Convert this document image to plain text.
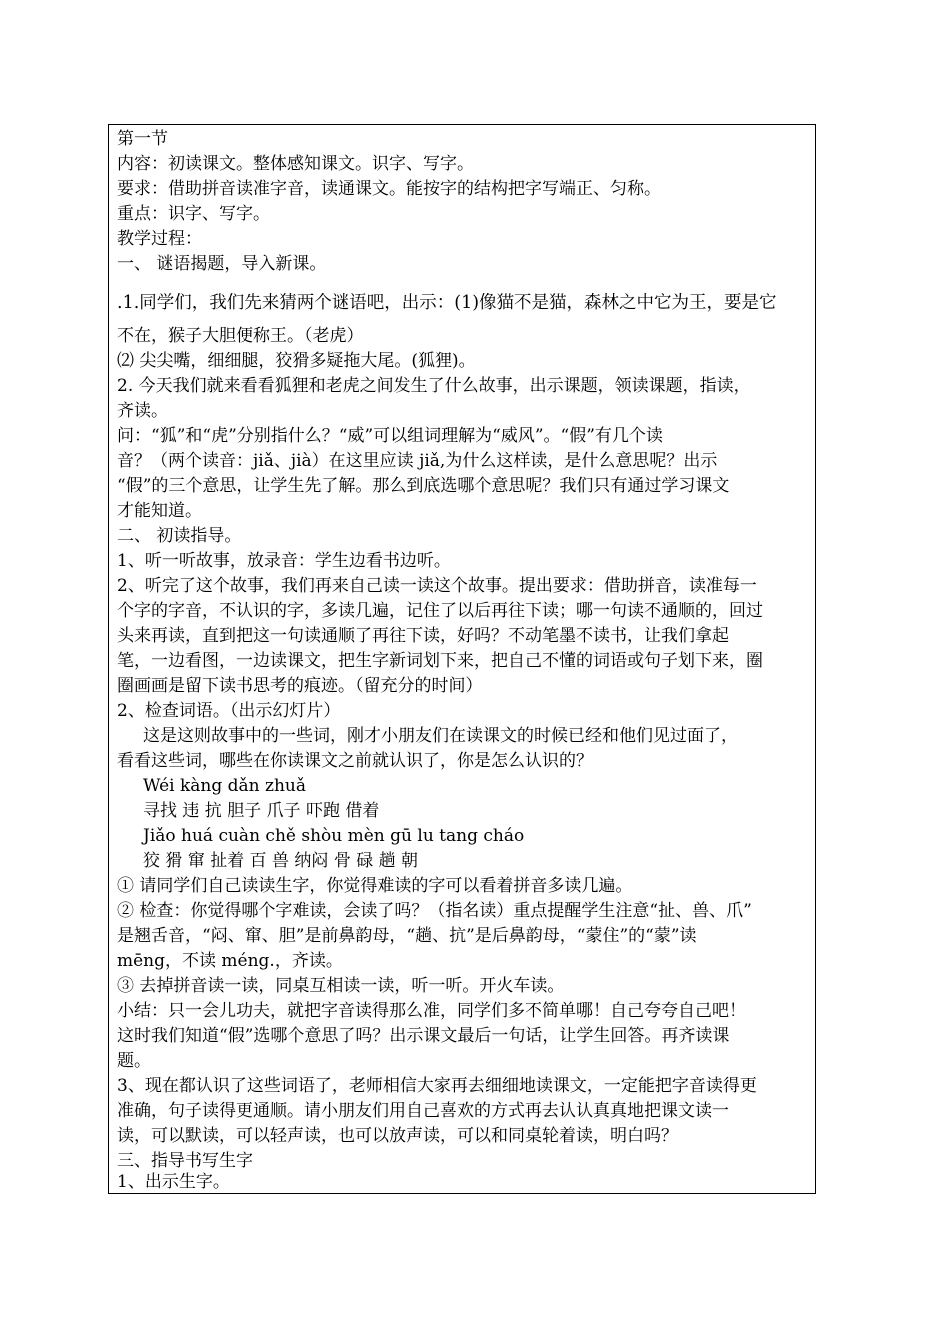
第一节
内容：初读课文。整体感知课文。识字、写字。
要求：借助拼音读准字音，读通课文。能按字的结构把字写端正、匀称。
重点：识字、写字。
教学过程：
一、 谜语揭题，导入新课。
.1.同学们，我们先来猜两个谜语吧，出示：(1)像猫不是猫，森林之中它为王，要是它
不在，猴子大胆便称王。（老虎）
⑵ 尖尖嘴，细细腿，狡猾多疑拖大尾。(狐狸)。
2. 今天我们就来看看狐狸和老虎之间发生了什么故事，出示课题，领读课题，指读，
齐读。
问：“狐”和“虎”分别指什么？“威”可以组词理解为“威风”。“假”有几个读
音？（两个读音：jiǎ、jià）在这里应读 jiǎ,为什么这样读，是什么意思呢？出示
“假”的三个意思，让学生先了解。那么到底选哪个意思呢？我们只有通过学习课文
才能知道。
二、 初读指导。
1、听一听故事，放录音：学生边看书边听。
2、听完了这个故事，我们再来自己读一读这个故事。提出要求：借助拼音，读准每一
个字的字音，不认识的字，多读几遍，记住了以后再往下读；哪一句读不通顺的，回过
头来再读，直到把这一句读通顺了再往下读，好吗？不动笔墨不读书，让我们拿起
笔，一边看图，一边读课文，把生字新词划下来，把自己不懂的词语或句子划下来，圈
圈画画是留下读书思考的痕迹。（留充分的时间）
2、检查词语。（出示幻灯片）
这是这则故事中的一些词，刚才小朋友们在读课文的时候已经和他们见过面了，
看看这些词，哪些在你读课文之前就认识了，你是怎么认识的？
Wéi kàng dǎn zhuǎ
寻找 违 抗 胆子 爪子 吓跑 借着
Jiǎo huá cuàn chě shòu mèn gū lu tang cháo
狡 猾 窜 扯着 百 兽 纳闷 骨 碌 趟 朝
① 请同学们自己读读生字，你觉得难读的字可以看着拼音多读几遍。
② 检查：你觉得哪个字难读，会读了吗？（指名读）重点提醒学生注意“扯、兽、爪”
是翘舌音，“闷、窜、胆”是前鼻韵母，“趟、抗”是后鼻韵母，“蒙住”的“蒙”读
mēng，不读 méng.，齐读。
③ 去掉拼音读一读，同桌互相读一读，听一听。开火车读。
小结：只一会儿功夫，就把字音读得那么准，同学们多不简单哪！自己夸夸自己吧！
这时我们知道“假”选哪个意思了吗？出示课文最后一句话，让学生回答。再齐读课
题。
3、现在都认识了这些词语了，老师相信大家再去细细地读课文，一定能把字音读得更
准确，句子读得更通顺。请小朋友们用自己喜欢的方式再去认认真真地把课文读一
读，可以默读，可以轻声读，也可以放声读，可以和同桌轮着读，明白吗？
三、指导书写生字
1、出示生字。
